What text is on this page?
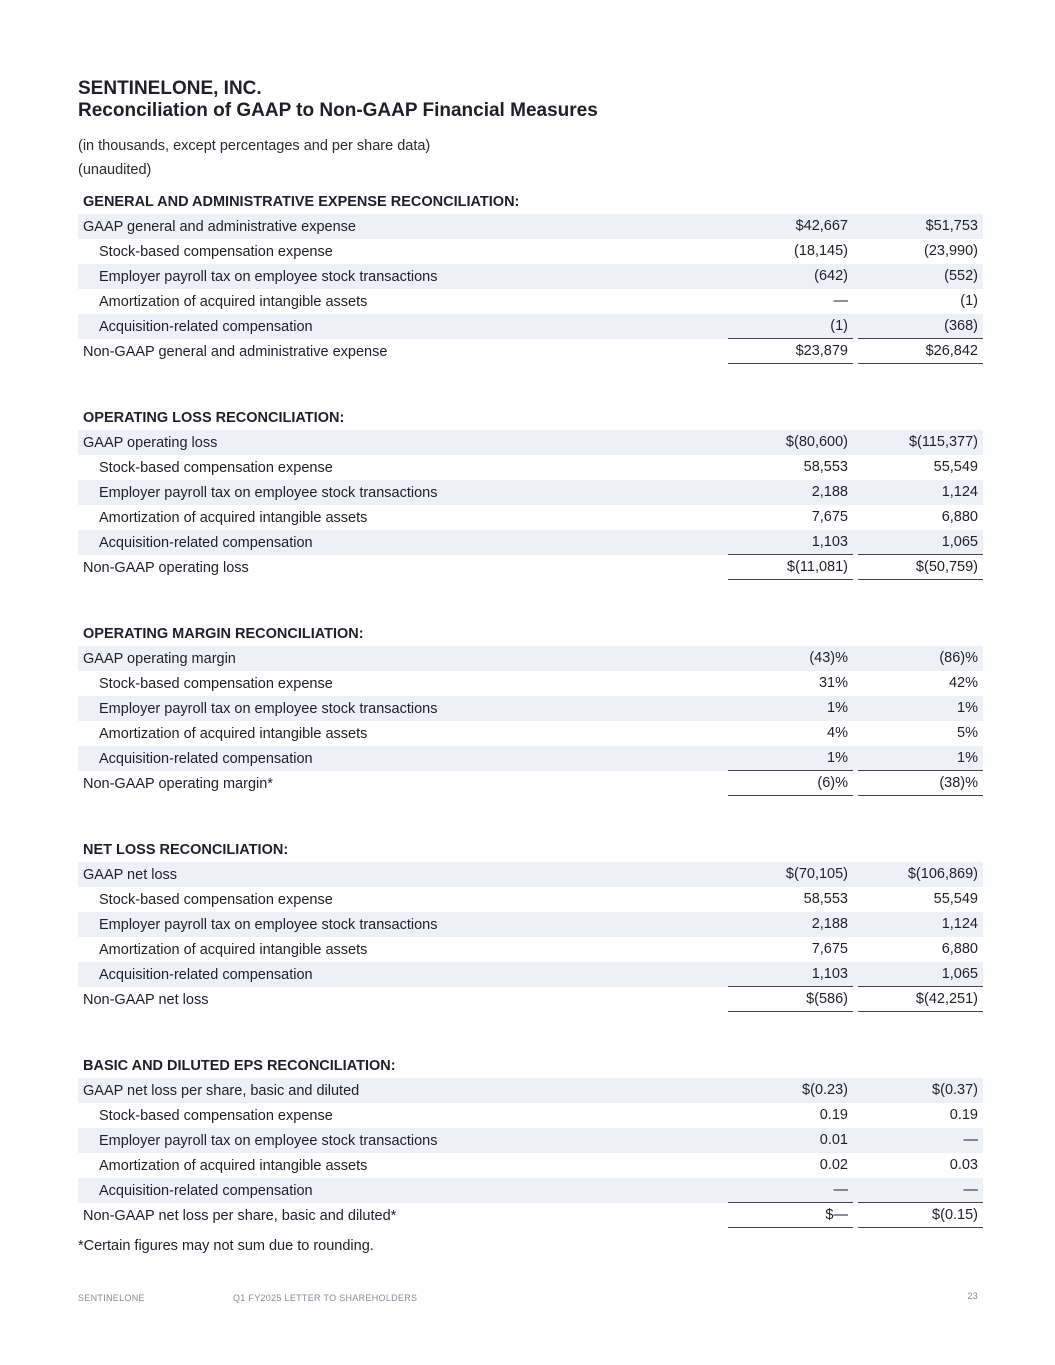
SENTINELONE, INC.
Reconciliation of GAAP to Non-GAAP Financial Measures
(in thousands, except percentages and per share data)
(unaudited)
GENERAL AND ADMINISTRATIVE EXPENSE RECONCILIATION:
GAAP general and administrative expense	$42,667	$51,753
Stock-based compensation expense	(18,145)	(23,990)
Employer payroll tax on employee stock transactions	(642)	(552)
Amortization of acquired intangible assets	—	(1)
Acquisition-related compensation	(1)	(368)
Non-GAAP general and administrative expense	$23,879	$26,842
OPERATING LOSS RECONCILIATION:
GAAP operating loss	$(80,600)	$(115,377)
Stock-based compensation expense	58,553	55,549
Employer payroll tax on employee stock transactions	2,188	1,124
Amortization of acquired intangible assets	7,675	6,880
Acquisition-related compensation	1,103	1,065
Non-GAAP operating loss	$(11,081)	$(50,759)
OPERATING MARGIN RECONCILIATION:
GAAP operating margin	(43)%	(86)%
Stock-based compensation expense	31%	42%
Employer payroll tax on employee stock transactions	1%	1%
Amortization of acquired intangible assets	4%	5%
Acquisition-related compensation	1%	1%
Non-GAAP operating margin*	(6)%	(38)%
NET LOSS RECONCILIATION:
GAAP net loss	$(70,105)	$(106,869)
Stock-based compensation expense	58,553	55,549
Employer payroll tax on employee stock transactions	2,188	1,124
Amortization of acquired intangible assets	7,675	6,880
Acquisition-related compensation	1,103	1,065
Non-GAAP net loss	$(586)	$(42,251)
BASIC AND DILUTED EPS RECONCILIATION:
GAAP net loss per share, basic and diluted	$(0.23)	$(0.37)
Stock-based compensation expense	0.19	0.19
Employer payroll tax on employee stock transactions	0.01	—
Amortization of acquired intangible assets	0.02	0.03
Acquisition-related compensation	—	—
Non-GAAP net loss per share, basic and diluted*	$—	$(0.15)
*Certain figures may not sum due to rounding.
SENTINELONE	Q1 FY2025 LETTER TO SHAREHOLDERS	23
